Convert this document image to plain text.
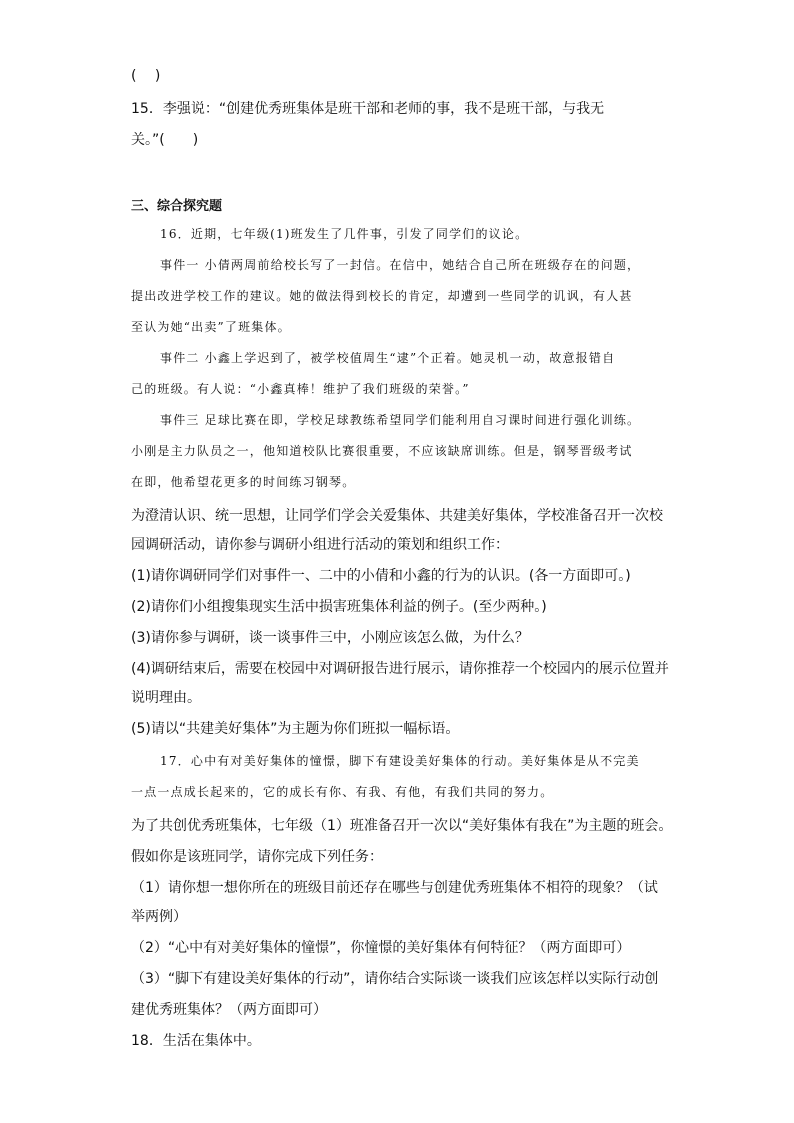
(　 )
15．李强说：“创建优秀班集体是班干部和老师的事，我不是班干部，与我无
关。”(　　)
三、综合探究题
16．近期，七年级(1)班发生了几件事，引发了同学们的议论。
事件一 小倩两周前给校长写了一封信。在信中，她结合自己所在班级存在的问题，
提出改进学校工作的建议。她的做法得到校长的肯定，却遭到一些同学的讥讽，有人甚
至认为她“出卖”了班集体。
事件二 小鑫上学迟到了，被学校值周生“逮”个正着。她灵机一动，故意报错自
己的班级。有人说：“小鑫真棒！维护了我们班级的荣誉。”
事件三 足球比赛在即，学校足球教练希望同学们能利用自习课时间进行强化训练。
小刚是主力队员之一，他知道校队比赛很重要，不应该缺席训练。但是，钢琴晋级考试
在即，他希望花更多的时间练习钢琴。
为澄清认识、统一思想，让同学们学会关爱集体、共建美好集体，学校准备召开一次校
园调研活动，请你参与调研小组进行活动的策划和组织工作：
(1)请你调研同学们对事件一、二中的小倩和小鑫的行为的认识。(各一方面即可。)
(2)请你们小组搜集现实生活中损害班集体利益的例子。(至少两种。)
(3)请你参与调研，谈一谈事件三中，小刚应该怎么做，为什么？
(4)调研结束后，需要在校园中对调研报告进行展示，请你推荐一个校园内的展示位置并
说明理由。
(5)请以“共建美好集体”为主题为你们班拟一幅标语。
17．心中有对美好集体的憧憬，脚下有建设美好集体的行动。美好集体是从不完美
一点一点成长起来的，它的成长有你、有我、有他，有我们共同的努力。
为了共创优秀班集体，七年级（1）班准备召开一次以“美好集体有我在”为主题的班会。
假如你是该班同学，请你完成下列任务：
（1）请你想一想你所在的班级目前还存在哪些与创建优秀班集体不相符的现象？（试
举两例）
（2）“心中有对美好集体的憧憬”，你憧憬的美好集体有何特征？（两方面即可）
（3）“脚下有建设美好集体的行动”，请你结合实际谈一谈我们应该怎样以实际行动创
建优秀班集体？（两方面即可）
18．生活在集体中。
